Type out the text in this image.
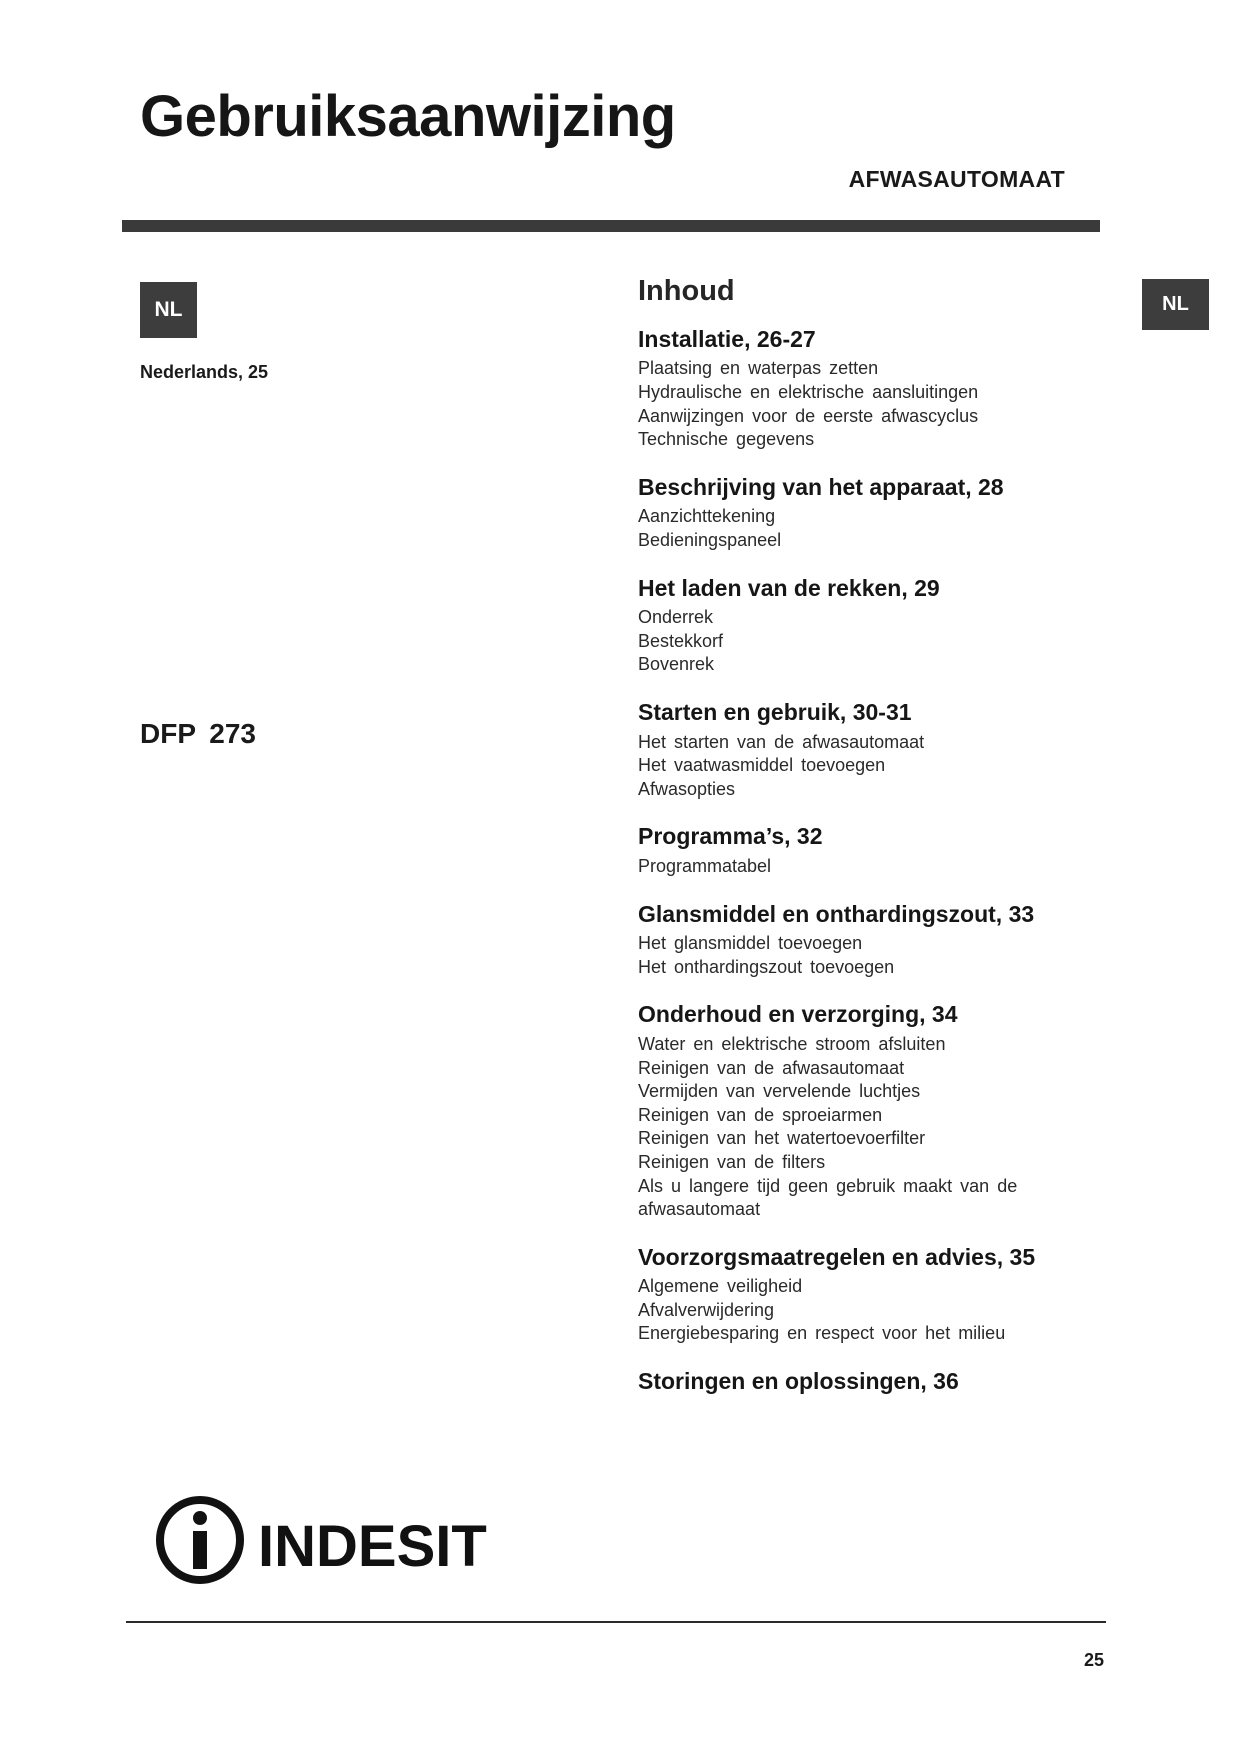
Gebruiksaanwijzing
AFWASAUTOMAAT
NL
Nederlands, 25
DFP 273
NL
Inhoud
Installatie, 26-27
Plaatsing en waterpas zetten
Hydraulische en elektrische aansluitingen
Aanwijzingen voor de eerste afwascyclus
Technische gegevens
Beschrijving van het apparaat, 28
Aanzichttekening
Bedieningspaneel
Het laden van de rekken, 29
Onderrek
Bestekkorf
Bovenrek
Starten en gebruik, 30-31
Het starten van de afwasautomaat
Het vaatwasmiddel toevoegen
Afwasopties
Programma’s, 32
Programmatabel
Glansmiddel en onthardingszout, 33
Het glansmiddel toevoegen
Het onthardingszout toevoegen
Onderhoud en verzorging, 34
Water en elektrische stroom afsluiten
Reinigen van de afwasautomaat
Vermijden van vervelende luchtjes
Reinigen van de sproeiarmen
Reinigen van het watertoevoerfilter
Reinigen van de filters
Als u langere tijd geen gebruik maakt van de
afwasautomaat
Voorzorgsmaatregelen en advies, 35
Algemene veiligheid
Afvalverwijdering
Energiebesparing en respect voor het milieu
Storingen en oplossingen, 36
INDESIT
25
